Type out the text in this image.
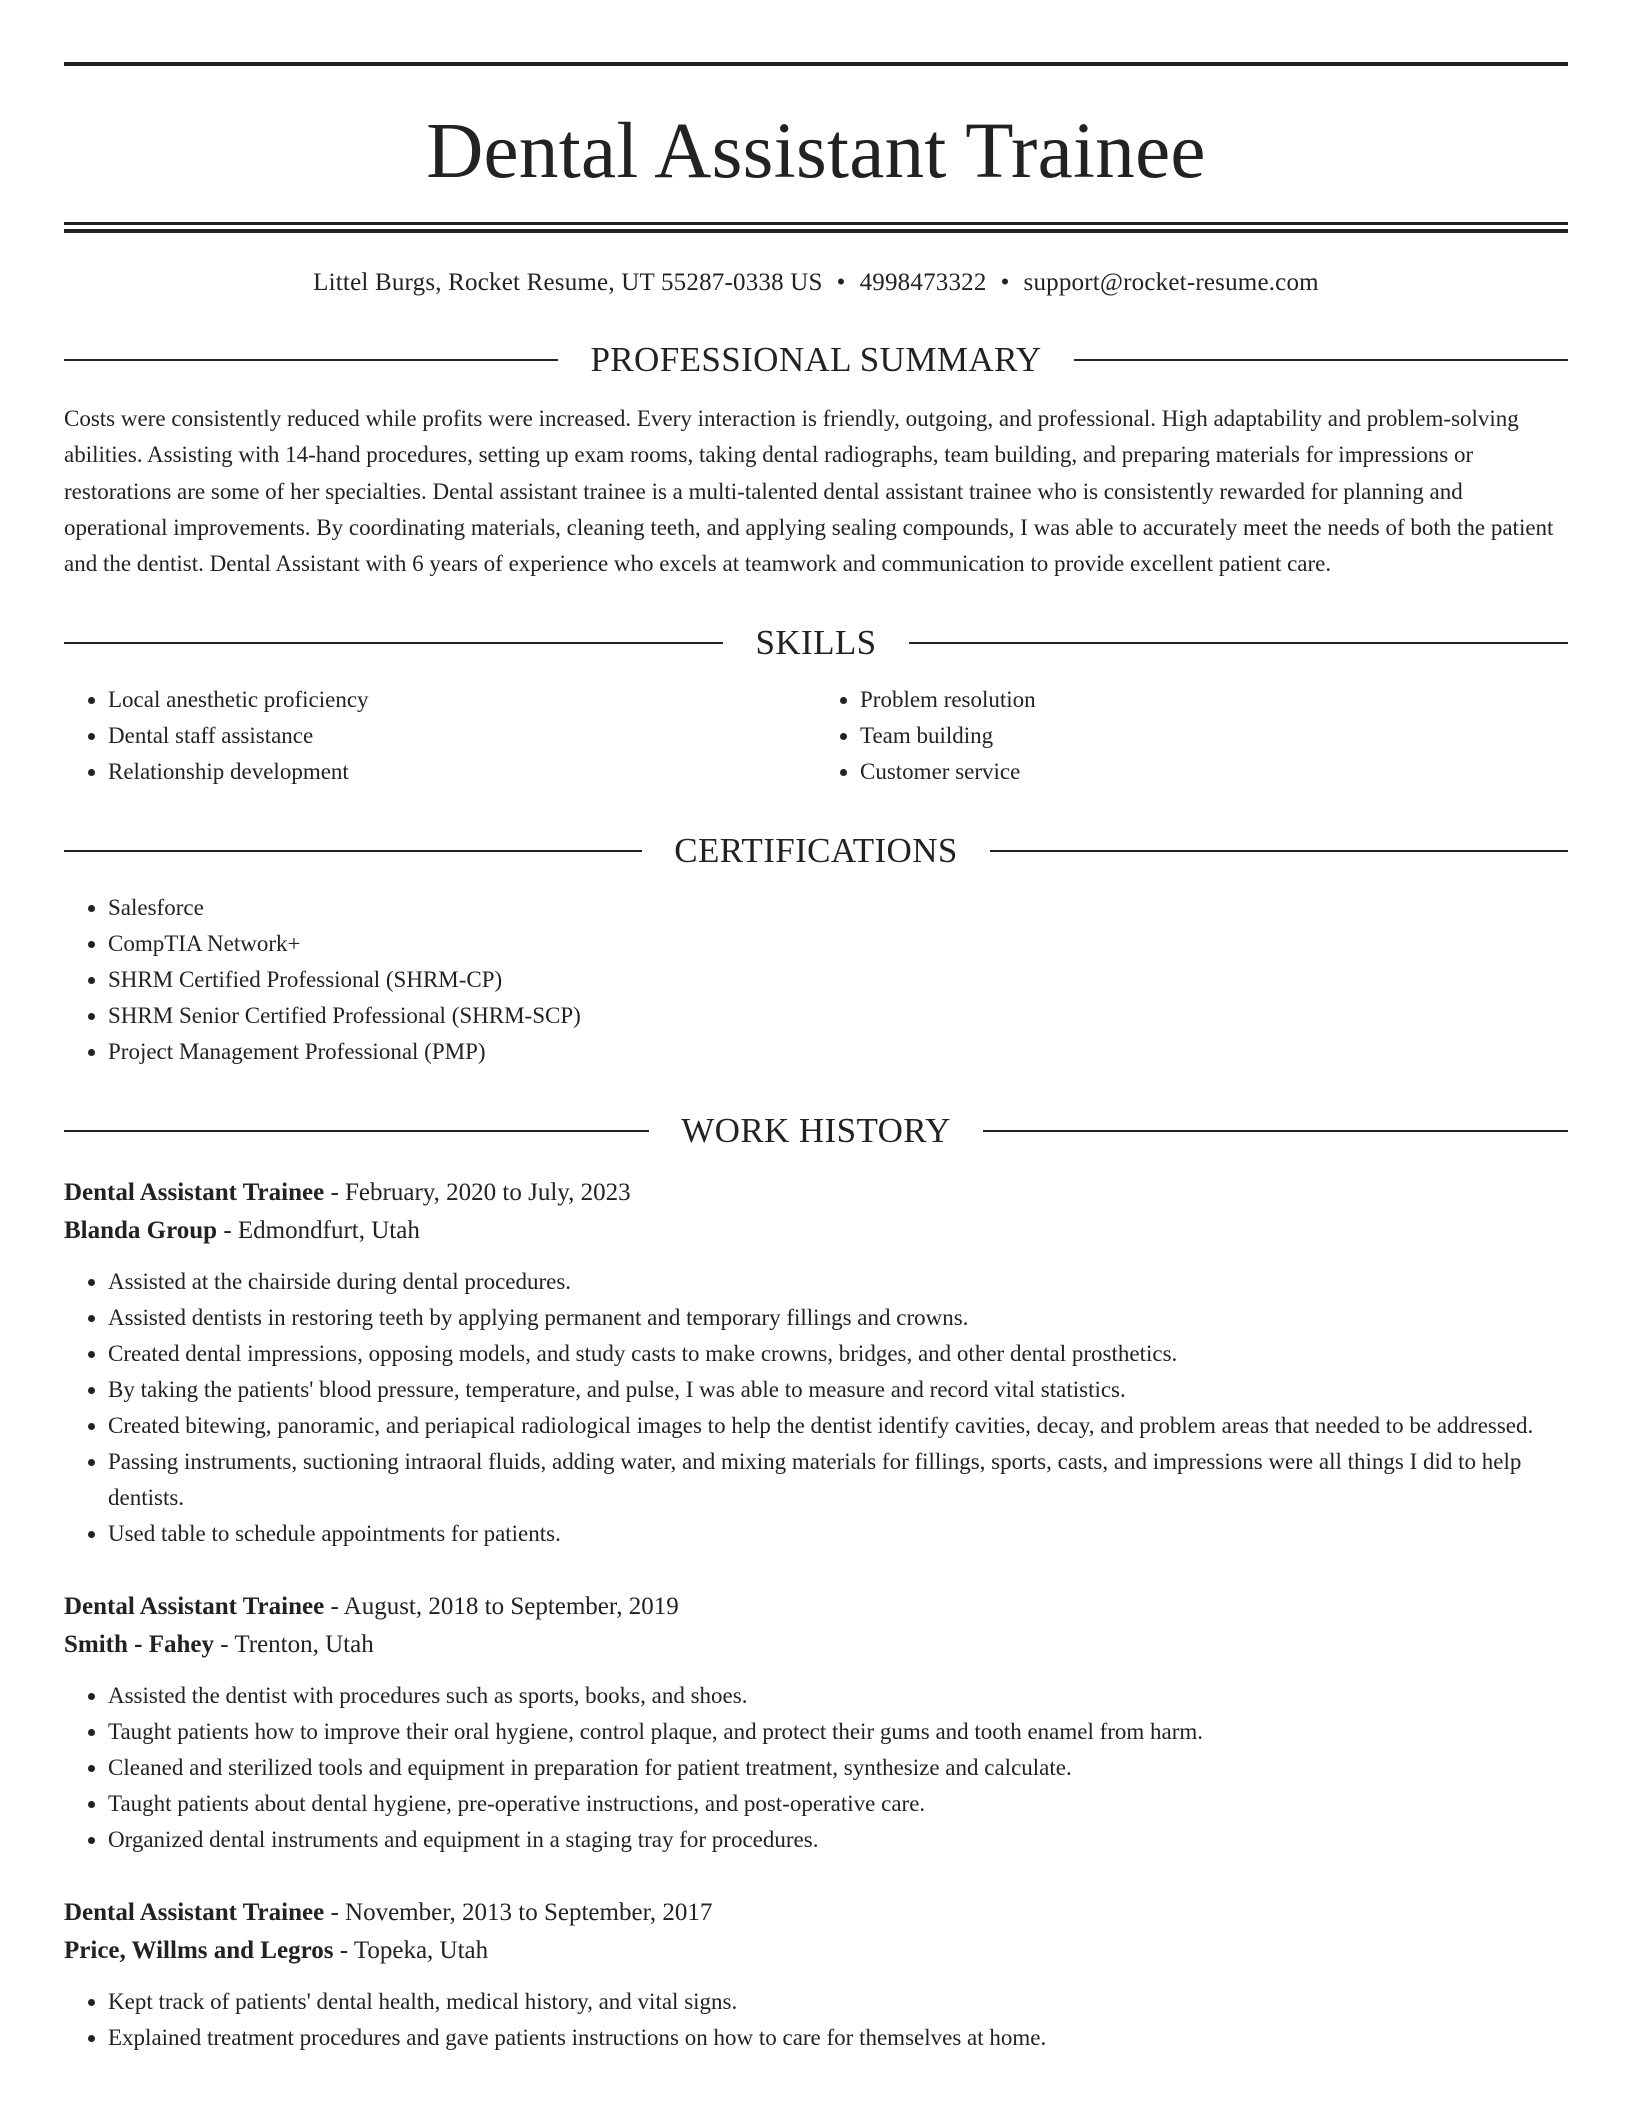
Dental Assistant Trainee
Littel Burgs, Rocket Resume, UT 55287-0338 US • 4998473322 • support@rocket-resume.com
PROFESSIONAL SUMMARY

Costs were consistently reduced while profits were increased. Every interaction is friendly, outgoing, and professional. High adaptability and problem-solving abilities. Assisting with 14-hand procedures, setting up exam rooms, taking dental radiographs, team building, and preparing materials for impressions or restorations are some of her specialties. Dental assistant trainee is a multi-talented dental assistant trainee who is consistently rewarded for planning and operational improvements. By coordinating materials, cleaning teeth, and applying sealing compounds, I was able to accurately meet the needs of both the patient and the dentist. Dental Assistant with 6 years of experience who excels at teamwork and communication to provide excellent patient care.

SKILLS
• Local anesthetic proficiency
• Dental staff assistance
• Relationship development
• Problem resolution
• Team building
• Customer service
CERTIFICATIONS
• Salesforce
• CompTIA Network+
• SHRM Certified Professional (SHRM-CP)
• SHRM Senior Certified Professional (SHRM-SCP)
• Project Management Professional (PMP)
WORK HISTORY
Dental Assistant Trainee - February, 2020 to July, 2023
Blanda Group - Edmondfurt, Utah
• Assisted at the chairside during dental procedures.
• Assisted dentists in restoring teeth by applying permanent and temporary fillings and crowns.
• Created dental impressions, opposing models, and study casts to make crowns, bridges, and other dental prosthetics.
• By taking the patients' blood pressure, temperature, and pulse, I was able to measure and record vital statistics.
• Created bitewing, panoramic, and periapical radiological images to help the dentist identify cavities, decay, and problem areas that needed to be addressed.
• Passing instruments, suctioning intraoral fluids, adding water, and mixing materials for fillings, sports, casts, and impressions were all things I did to help dentists.
• Used table to schedule appointments for patients.
Dental Assistant Trainee - August, 2018 to September, 2019
Smith - Fahey - Trenton, Utah
• Assisted the dentist with procedures such as sports, books, and shoes.
• Taught patients how to improve their oral hygiene, control plaque, and protect their gums and tooth enamel from harm.
• Cleaned and sterilized tools and equipment in preparation for patient treatment, synthesize and calculate.
• Taught patients about dental hygiene, pre-operative instructions, and post-operative care.
• Organized dental instruments and equipment in a staging tray for procedures.
Dental Assistant Trainee - November, 2013 to September, 2017
Price, Willms and Legros - Topeka, Utah
• Kept track of patients' dental health, medical history, and vital signs.
• Explained treatment procedures and gave patients instructions on how to care for themselves at home.
